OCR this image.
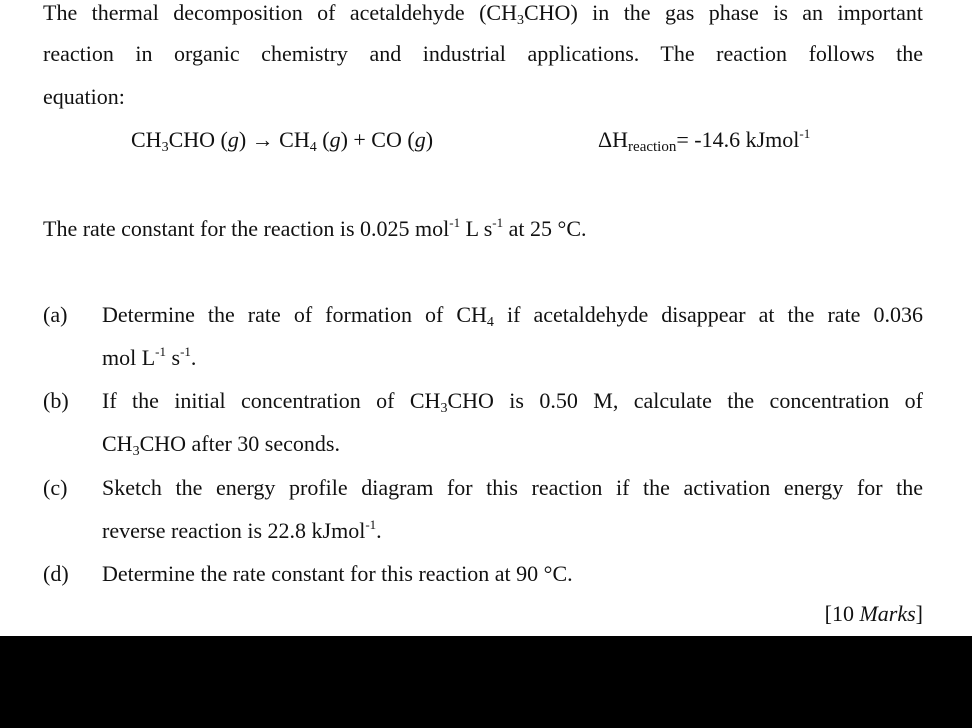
The thermal decomposition of acetaldehyde $(CH_3CHO)$ in the gas phase is an important
reaction in organic chemistry and industrial applications. The reaction follows the
equation:
$CH_3CHO$ $(g) \to CH_4$ (g) + CO (g)	$\Delta H_{reaction}= -14.6$ kJmol$^{-1}$
The rate constant for the reaction is 0.025 mol$^{-1}$ L $s^{-1}$ at 25 °C.
(a) Determine the rate of formation of $CH_4$ if acetaldehyde disappear at the rate 0.036
mol $L^{-1}$ $s^{-1}$.
(b) If the initial concentration of $CH_3CHO$ is 0.50 M, calculate the concentration of
$CH_3CHO$ after 30 seconds.
(c) Sketch the energy profile diagram for this reaction if the activation energy for the
reverse reaction is 22.8 kJmol$^{-1}$.
(d) Determine the rate constant for this reaction at 90 °C.
[10 Marks]
